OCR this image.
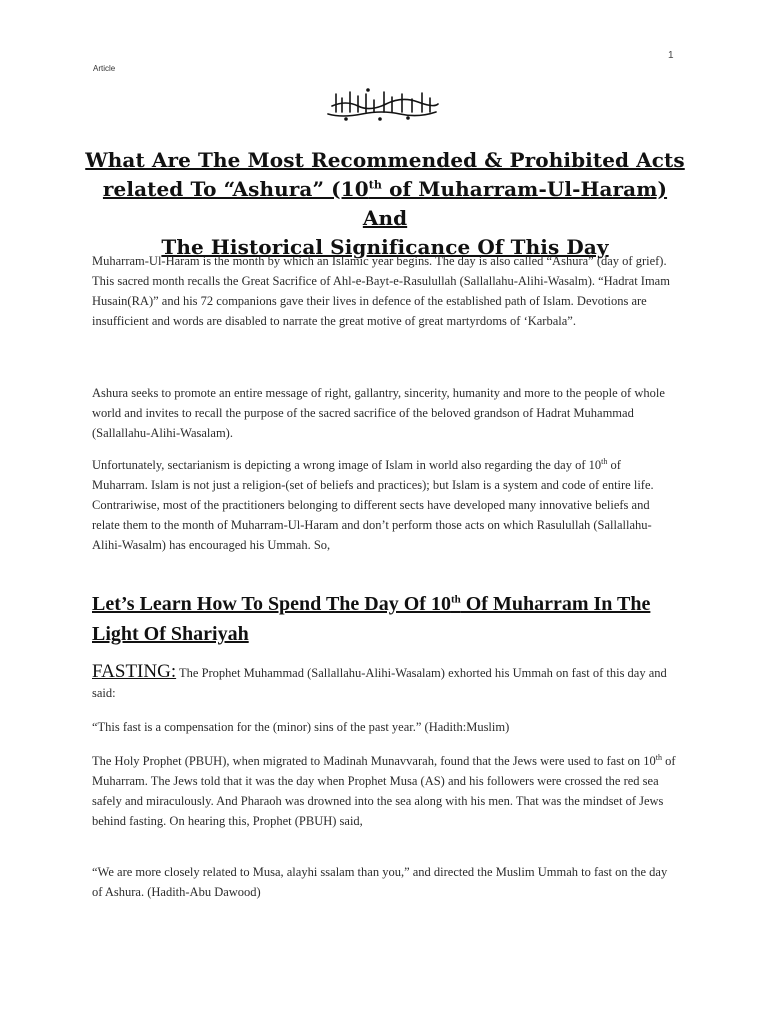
1
Article
What Are The Most Recommended & Prohibited Acts
related To “Ashura” (10th of Muharram-Ul-Haram) And
The Historical Significance Of This Day

Muharram-Ul-Haram is the month by which an Islamic year begins. The day is also called “Ashura” (day of grief). This sacred month recalls the Great Sacrifice of Ahl-e-Bayt-e-Rasulullah (Sallallahu-Alihi-Wasalm). “Hadrat Imam Husain(RA)” and his 72 companions gave their lives in defence of the established path of Islam. Devotions are insufficient and words are disabled to narrate the great motive of great martyrdoms of ‘Karbala”.

Ashura seeks to promote an entire message of right, gallantry, sincerity, humanity and more to the people of whole world and invites to recall the purpose of the sacred sacrifice of the beloved grandson of Hadrat Muhammad (Sallallahu-Alihi-Wasalam).

Unfortunately, sectarianism is depicting a wrong image of Islam in world also regarding the day of 10th of Muharram. Islam is not just a religion-(set of beliefs and practices); but Islam is a system and code of entire life. Contrariwise, most of the practitioners belonging to different sects have developed many innovative beliefs and relate them to the month of Muharram-Ul-Haram and don’t perform those acts on which Rasulullah (Sallallahu-Alihi-Wasalm) has encouraged his Ummah. So,

Let’s Learn How To Spend The Day Of 10th Of Muharram In The Light Of Shariyah

FASTING: The Prophet Muhammad (Sallallahu-Alihi-Wasalam) exhorted his Ummah on fast of this day and said:

“This fast is a compensation for the (minor) sins of the past year.” (Hadith:Muslim)

The Holy Prophet (PBUH), when migrated to Madinah Munavvarah, found that the Jews were used to fast on 10th of Muharram. The Jews told that it was the day when Prophet Musa (AS) and his followers were crossed the red sea safely and miraculously. And Pharaoh was drowned into the sea along with his men. That was the mindset of Jews behind fasting. On hearing this, Prophet (PBUH) said,

“We are more closely related to Musa, alayhi ssalam than you,” and directed the Muslim Ummah to fast on the day of Ashura. (Hadith-Abu Dawood)
